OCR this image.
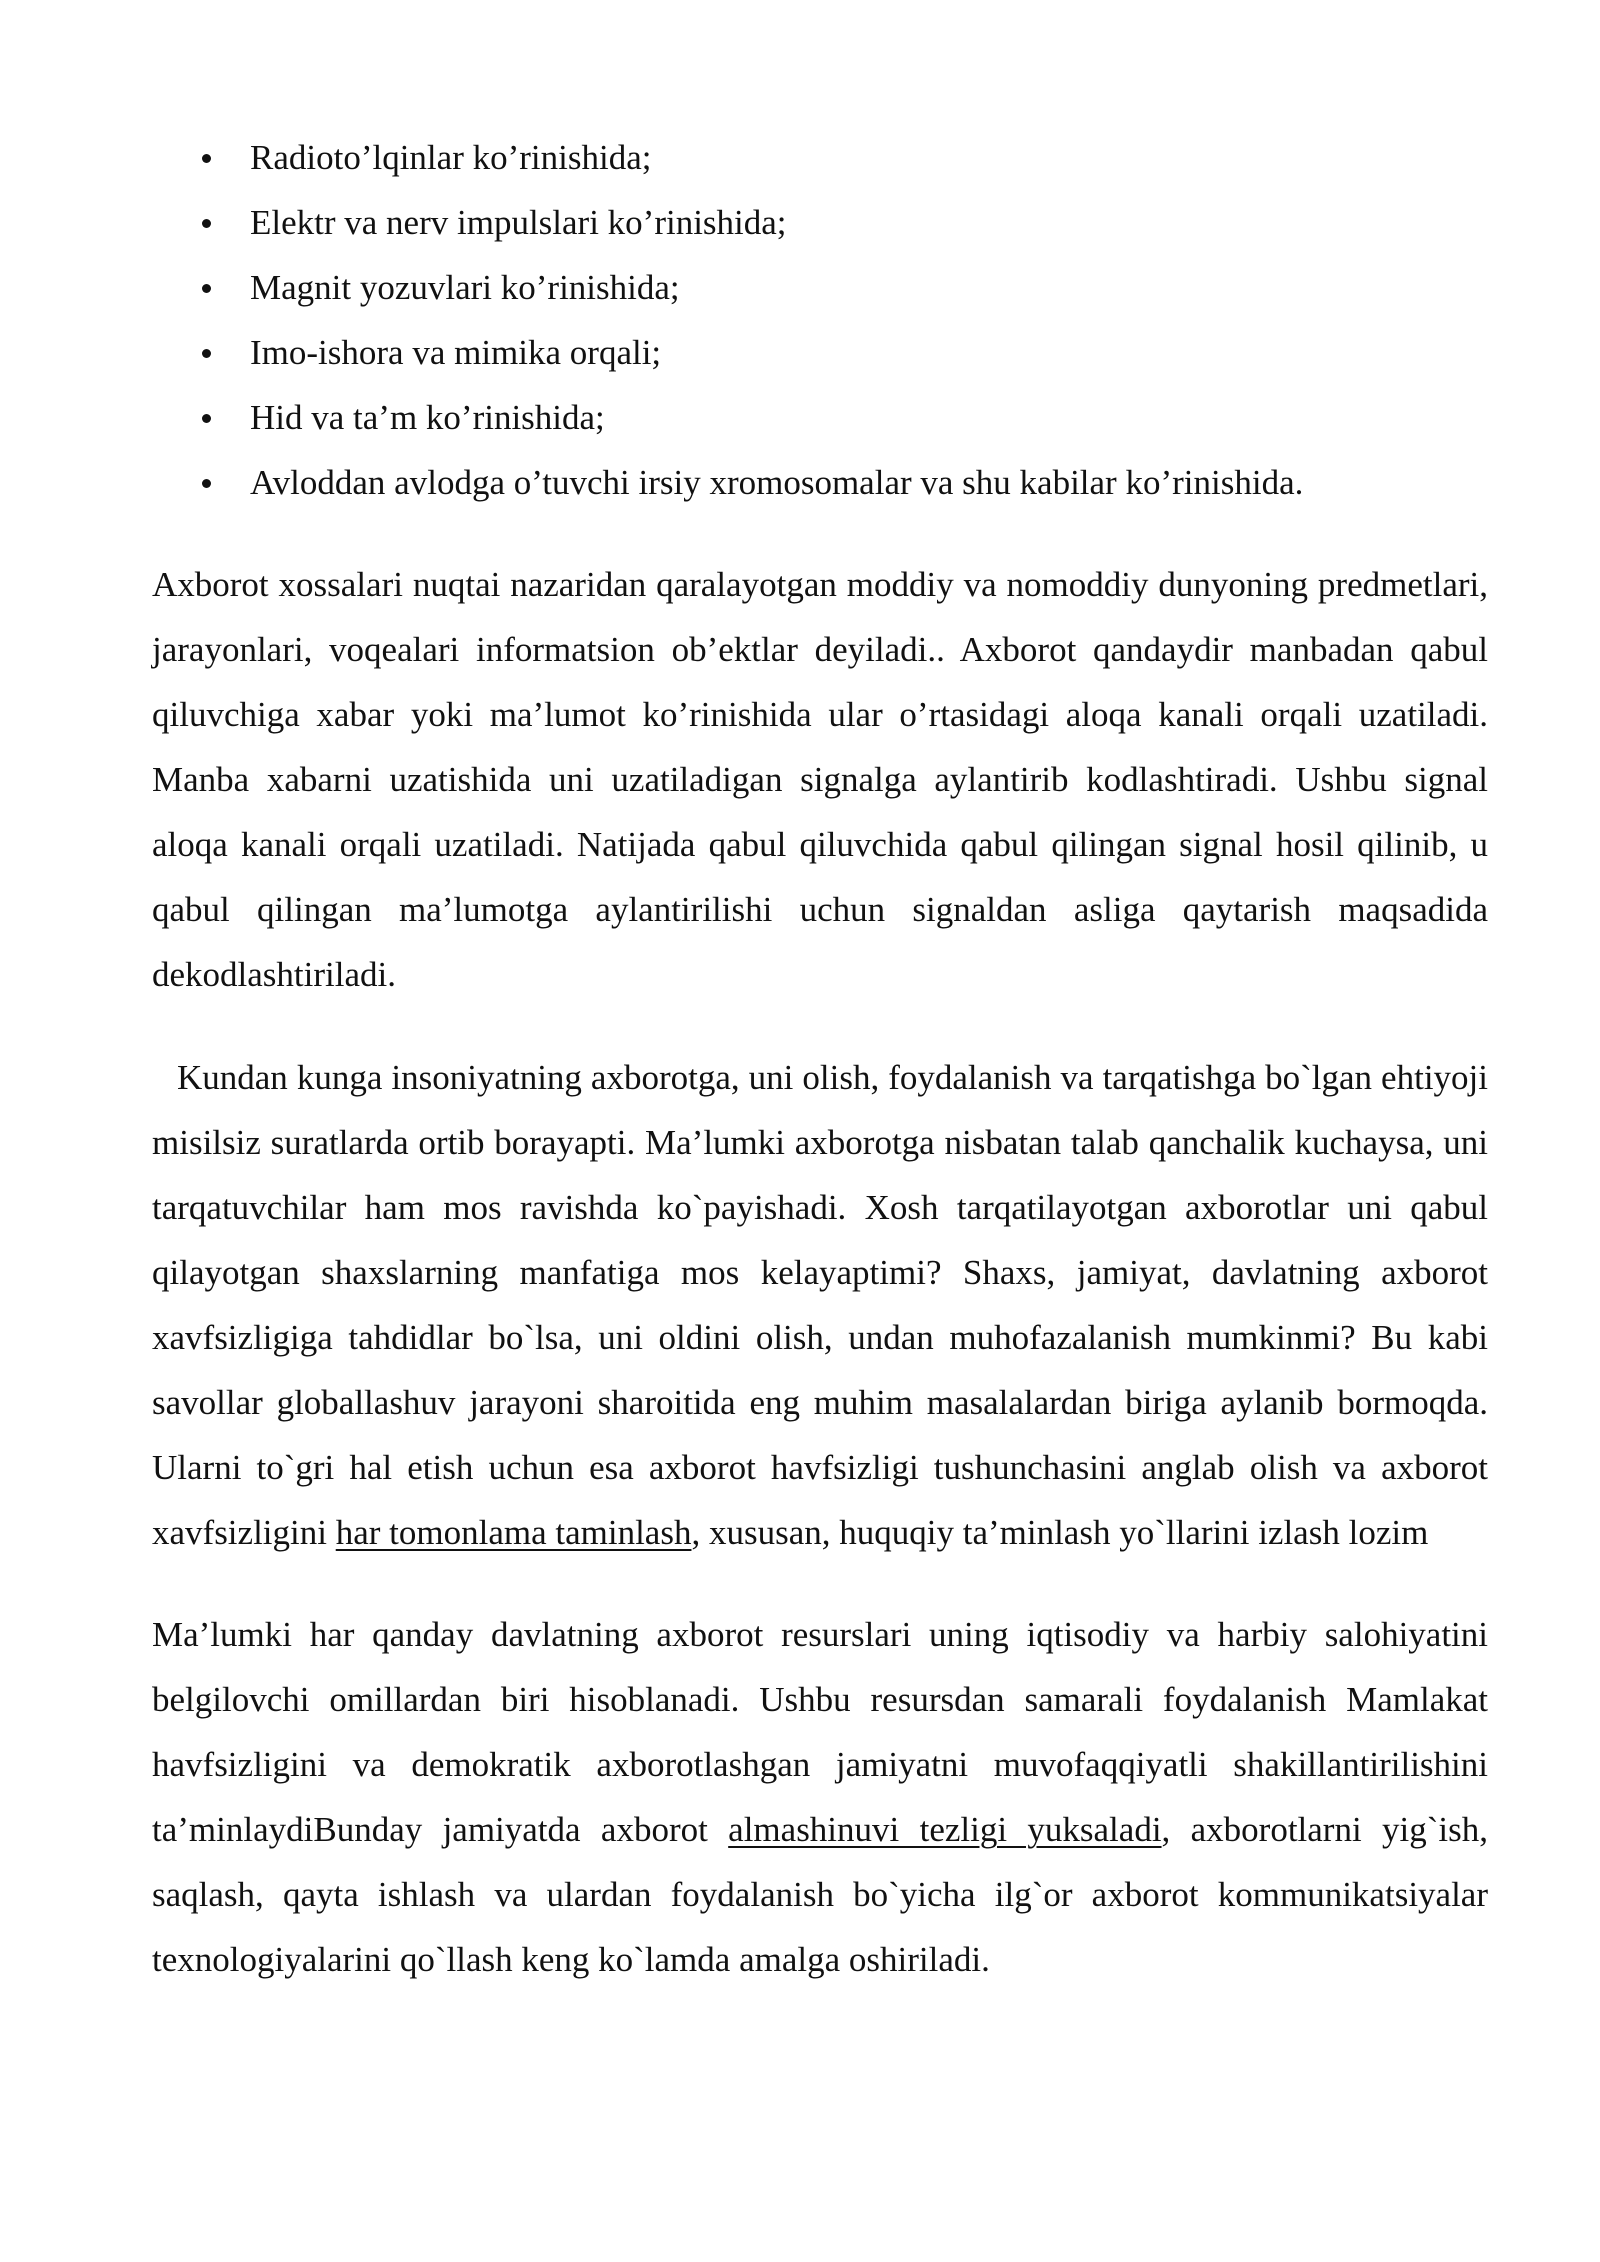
Radioto’lqinlar ko’rinishida;
Elektr va nerv impulslari ko’rinishida;
Magnit yozuvlari ko’rinishida;
Imo-ishora va mimika orqali;
Hid va ta’m ko’rinishida;
Avloddan avlodga o’tuvchi irsiy xromosomalar va shu kabilar ko’rinishida.

Axborot xossalari nuqtai nazaridan qaralayotgan moddiy va nomoddiy dunyoning predmetlari, jarayonlari, voqealari informatsion ob’ektlar deyiladi.. Axborot qandaydir manbadan qabul qiluvchiga xabar yoki ma’lumot ko’rinishida ular o’rtasidagi aloqa kanali orqali uzatiladi. Manba xabarni uzatishida uni uzatiladigan signalga aylantirib kodlashtiradi. Ushbu signal aloqa kanali orqali uzatiladi. Natijada qabul qiluvchida qabul qilingan signal hosil qilinib, u qabul qilingan ma’lumotga aylantirilishi uchun signaldan asliga qaytarish maqsadida dekodlashtiriladi.

Kundan kunga insoniyatning axborotga, uni olish, foydalanish va tarqatishga bo`lgan ehtiyoji misilsiz suratlarda ortib borayapti. Ma’lumki axborotga nisbatan talab qanchalik kuchaysa, uni tarqatuvchilar ham mos ravishda ko`payishadi. Xosh tarqatilayotgan axborotlar uni qabul qilayotgan shaxslarning manfatiga mos kelayaptimi? Shaxs, jamiyat, davlatning axborot xavfsizligiga tahdidlar bo`lsa, uni oldini olish, undan muhofazalanish mumkinmi? Bu kabi savollar globallashuv jarayoni sharoitida eng muhim masalalardan biriga aylanib bormoqda. Ularni to`gri hal etish uchun esa axborot havfsizligi tushunchasini anglab olish va axborot xavfsizligini har tomonlama taminlash, xususan, huquqiy ta’minlash yo`llarini izlash lozim

Ma’lumki har qanday davlatning axborot resurslari uning iqtisodiy va harbiy salohiyatini belgilovchi omillardan biri hisoblanadi. Ushbu resursdan samarali foydalanish Mamlakat havfsizligini va demokratik axborotlashgan jamiyatni muvofaqqiyatli shakillantirilishini ta’minlaydiBunday jamiyatda axborot almashinuvi tezligi yuksaladi, axborotlarni yig`ish, saqlash, qayta ishlash va ulardan foydalanish bo`yicha ilg`or axborot kommunikatsiyalar texnologiyalarini qo`llash keng ko`lamda amalga oshiriladi.
